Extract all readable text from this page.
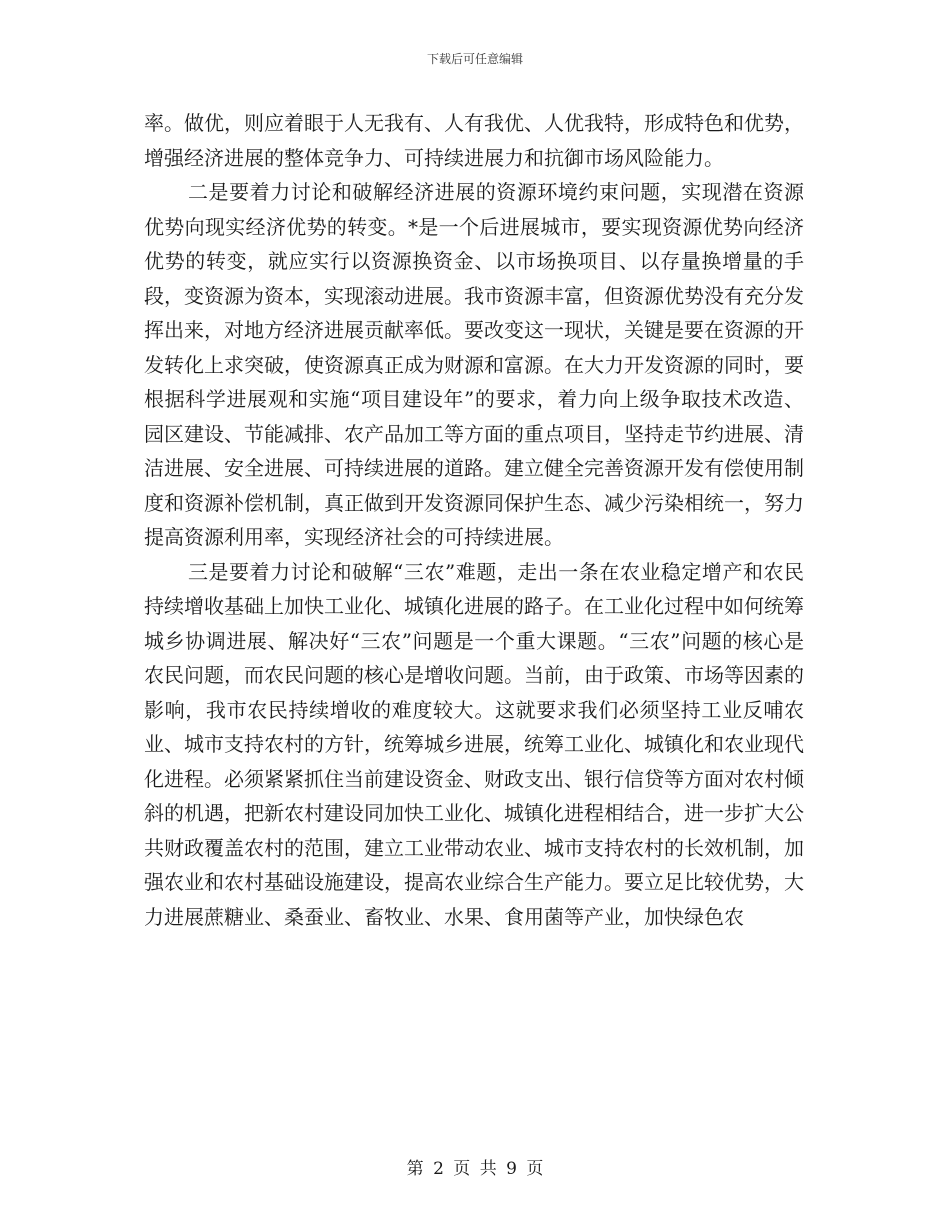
下载后可任意编辑

率。做优，则应着眼于人无我有、人有我优、人优我特，形成特色和优势，增强经济进展的整体竞争力、可持续进展力和抗御市场风险能力。

二是要着力讨论和破解经济进展的资源环境约束问题，实现潜在资源优势向现实经济优势的转变。*是一个后进展城市，要实现资源优势向经济优势的转变，就应实行以资源换资金、以市场换项目、以存量换增量的手段，变资源为资本，实现滚动进展。我市资源丰富，但资源优势没有充分发挥出来，对地方经济进展贡献率低。要改变这一现状，关键是要在资源的开发转化上求突破，使资源真正成为财源和富源。在大力开发资源的同时，要根据科学进展观和实施“项目建设年”的要求，着力向上级争取技术改造、园区建设、节能减排、农产品加工等方面的重点项目，坚持走节约进展、清洁进展、安全进展、可持续进展的道路。建立健全完善资源开发有偿使用制度和资源补偿机制，真正做到开发资源同保护生态、减少污染相统一，努力提高资源利用率，实现经济社会的可持续进展。

三是要着力讨论和破解“三农”难题，走出一条在农业稳定增产和农民持续增收基础上加快工业化、城镇化进展的路子。在工业化过程中如何统筹城乡协调进展、解决好“三农”问题是一个重大课题。“三农”问题的核心是农民问题，而农民问题的核心是增收问题。当前，由于政策、市场等因素的影响，我市农民持续增收的难度较大。这就要求我们必须坚持工业反哺农业、城市支持农村的方针，统筹城乡进展，统筹工业化、城镇化和农业现代化进程。必须紧紧抓住当前建设资金、财政支出、银行信贷等方面对农村倾斜的机遇，把新农村建设同加快工业化、城镇化进程相结合，进一步扩大公共财政覆盖农村的范围，建立工业带动农业、城市支持农村的长效机制，加强农业和农村基础设施建设，提高农业综合生产能力。要立足比较优势，大力进展蔗糖业、桑蚕业、畜牧业、水果、食用菌等产业，加快绿色农

第 2 页 共 9 页
